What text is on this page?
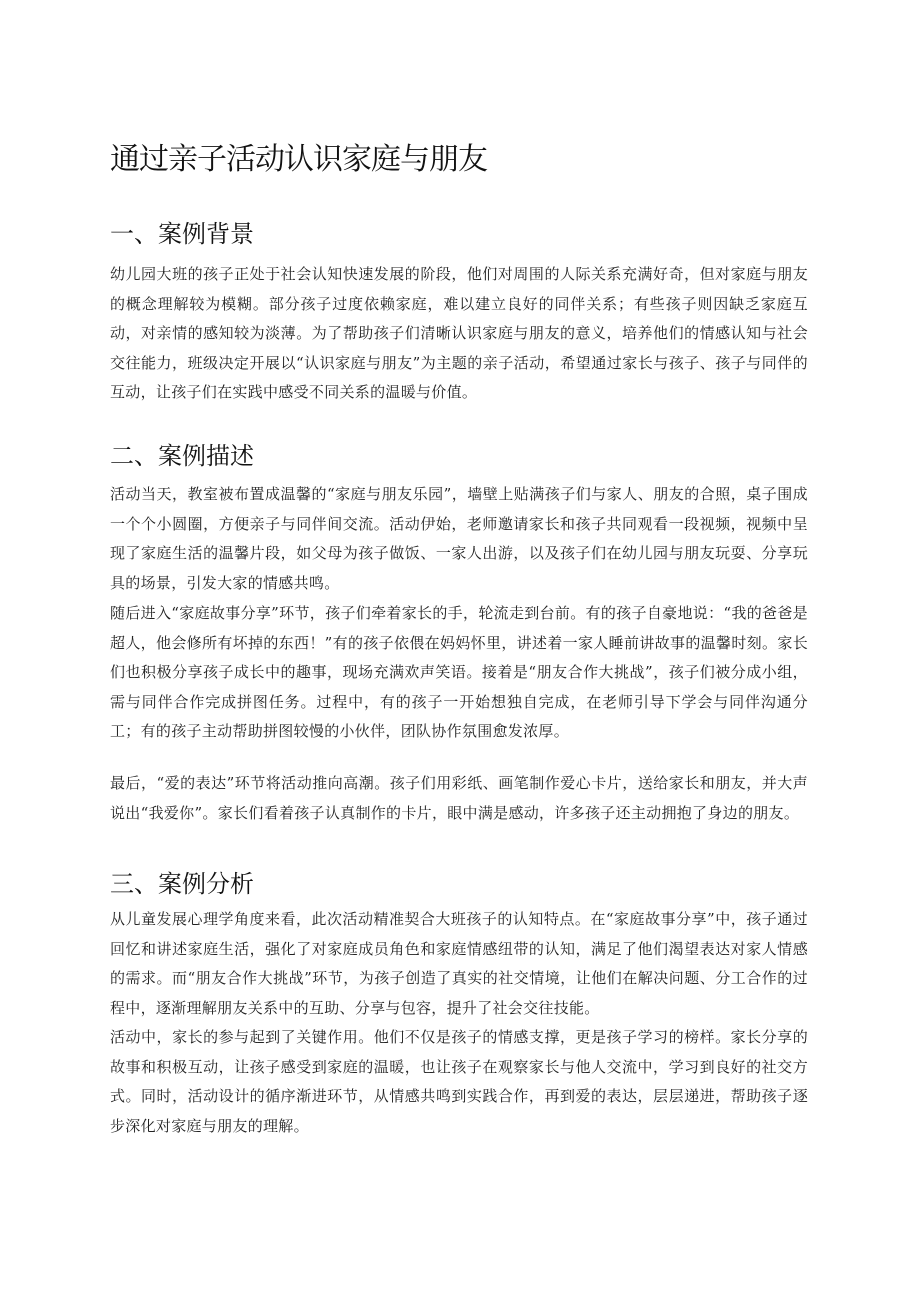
通过亲子活动认识家庭与朋友
一、案例背景

幼儿园大班的孩子正处于社会认知快速发展的阶段，他们对周围的人际关系充满好奇，但对家庭与朋友的概念理解较为模糊。部分孩子过度依赖家庭，难以建立良好的同伴关系；有些孩子则因缺乏家庭互动，对亲情的感知较为淡薄。为了帮助孩子们清晰认识家庭与朋友的意义，培养他们的情感认知与社会交往能力，班级决定开展以“认识家庭与朋友”为主题的亲子活动，希望通过家长与孩子、孩子与同伴的互动，让孩子们在实践中感受不同关系的温暖与价值。

二、案例描述

活动当天，教室被布置成温馨的“家庭与朋友乐园”，墙壁上贴满孩子们与家人、朋友的合照，桌子围成一个个小圆圈，方便亲子与同伴间交流。活动伊始，老师邀请家长和孩子共同观看一段视频，视频中呈现了家庭生活的温馨片段，如父母为孩子做饭、一家人出游，以及孩子们在幼儿园与朋友玩耍、分享玩具的场景，引发大家的情感共鸣。

随后进入“家庭故事分享”环节，孩子们牵着家长的手，轮流走到台前。有的孩子自豪地说：“我的爸爸是超人，他会修所有坏掉的东西！”有的孩子依偎在妈妈怀里，讲述着一家人睡前讲故事的温馨时刻。家长们也积极分享孩子成长中的趣事，现场充满欢声笑语。接着是“朋友合作大挑战”，孩子们被分成小组，需与同伴合作完成拼图任务。过程中，有的孩子一开始想独自完成，在老师引导下学会与同伴沟通分工；有的孩子主动帮助拼图较慢的小伙伴，团队协作氛围愈发浓厚。

最后，“爱的表达”环节将活动推向高潮。孩子们用彩纸、画笔制作爱心卡片，送给家长和朋友，并大声说出“我爱你”。家长们看着孩子认真制作的卡片，眼中满是感动，许多孩子还主动拥抱了身边的朋友。

三、案例分析

从儿童发展心理学角度来看，此次活动精准契合大班孩子的认知特点。在“家庭故事分享”中，孩子通过回忆和讲述家庭生活，强化了对家庭成员角色和家庭情感纽带的认知，满足了他们渴望表达对家人情感的需求。而“朋友合作大挑战”环节，为孩子创造了真实的社交情境，让他们在解决问题、分工合作的过程中，逐渐理解朋友关系中的互助、分享与包容，提升了社会交往技能。

活动中，家长的参与起到了关键作用。他们不仅是孩子的情感支撑，更是孩子学习的榜样。家长分享的故事和积极互动，让孩子感受到家庭的温暖，也让孩子在观察家长与他人交流中，学习到良好的社交方式。同时，活动设计的循序渐进环节，从情感共鸣到实践合作，再到爱的表达，层层递进，帮助孩子逐步深化对家庭与朋友的理解。
